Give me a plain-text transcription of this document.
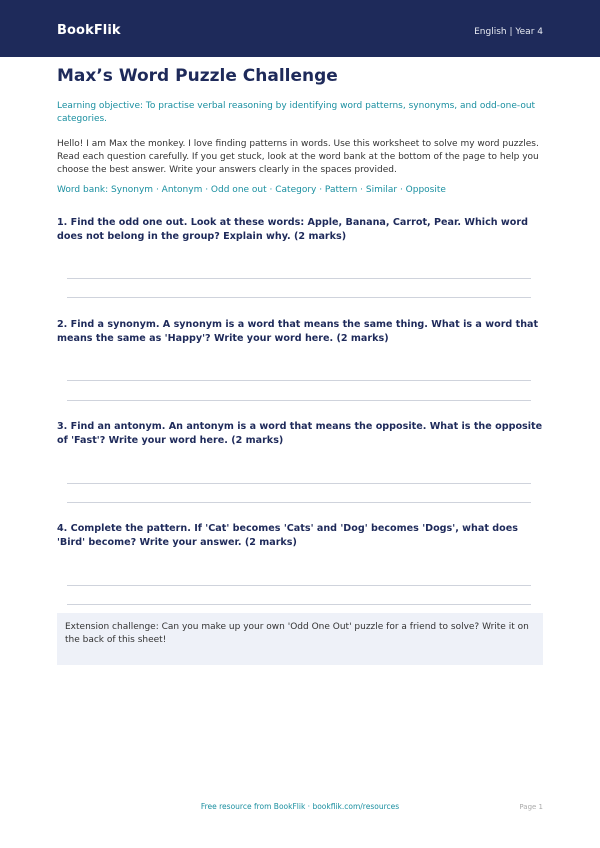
BookFlik	English | Year 4
Max’s Word Puzzle Challenge
Learning objective: To practise verbal reasoning by identifying word patterns, synonyms, and odd-one-out categories.
Hello! I am Max the monkey. I love finding patterns in words. Use this worksheet to solve my word puzzles. Read each question carefully. If you get stuck, look at the word bank at the bottom of the page to help you choose the best answer. Write your answers clearly in the spaces provided.
Word bank: Synonym · Antonym · Odd one out · Category · Pattern · Similar · Opposite
1. Find the odd one out. Look at these words: Apple, Banana, Carrot, Pear. Which word does not belong in the group? Explain why. (2 marks)
2. Find a synonym. A synonym is a word that means the same thing. What is a word that means the same as 'Happy'? Write your word here. (2 marks)
3. Find an antonym. An antonym is a word that means the opposite. What is the opposite of 'Fast'? Write your word here. (2 marks)
4. Complete the pattern. If 'Cat' becomes 'Cats' and 'Dog' becomes 'Dogs', what does 'Bird' become? Write your answer. (2 marks)
Extension challenge: Can you make up your own 'Odd One Out' puzzle for a friend to solve? Write it on the back of this sheet!
Free resource from BookFlik · bookflik.com/resources	Page 1
